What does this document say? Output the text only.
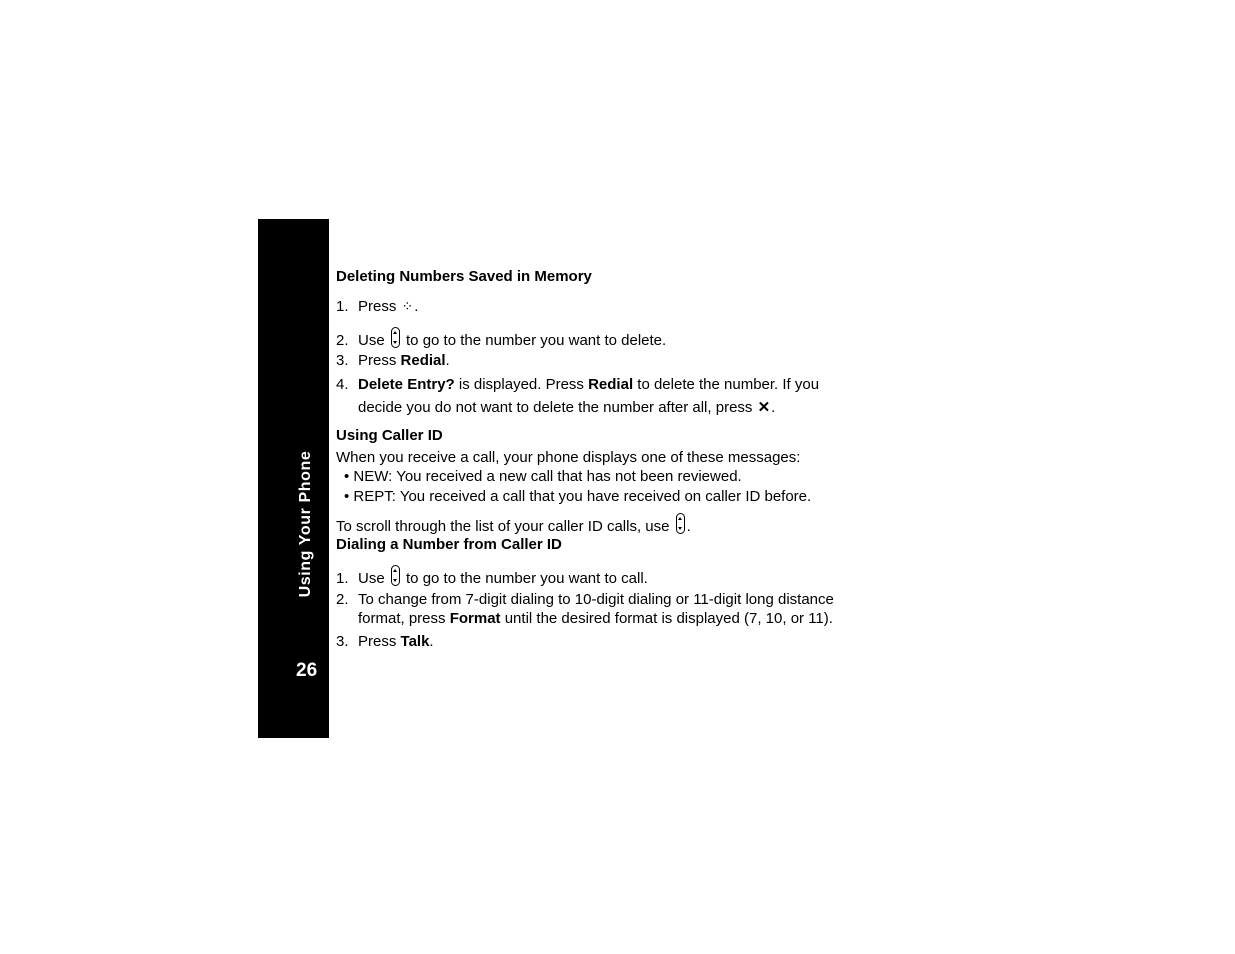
Using Your Phone
26
Deleting Numbers Saved in Memory
1. Press ⁘.
2. Use  to go to the number you want to delete.
3. Press Redial.
4. Delete Entry? is displayed. Press Redial to delete the number. If you
decide you do not want to delete the number after all, press ✕.
Using Caller ID
When you receive a call, your phone displays one of these messages:
• NEW: You received a new call that has not been reviewed.
• REPT: You received a call that you have received on caller ID before.
To scroll through the list of your caller ID calls, use .
Dialing a Number from Caller ID
1. Use  to go to the number you want to call.
2. To change from 7-digit dialing to 10-digit dialing or 11-digit long distance
format, press Format until the desired format is displayed (7, 10, or 11).
3. Press Talk.
